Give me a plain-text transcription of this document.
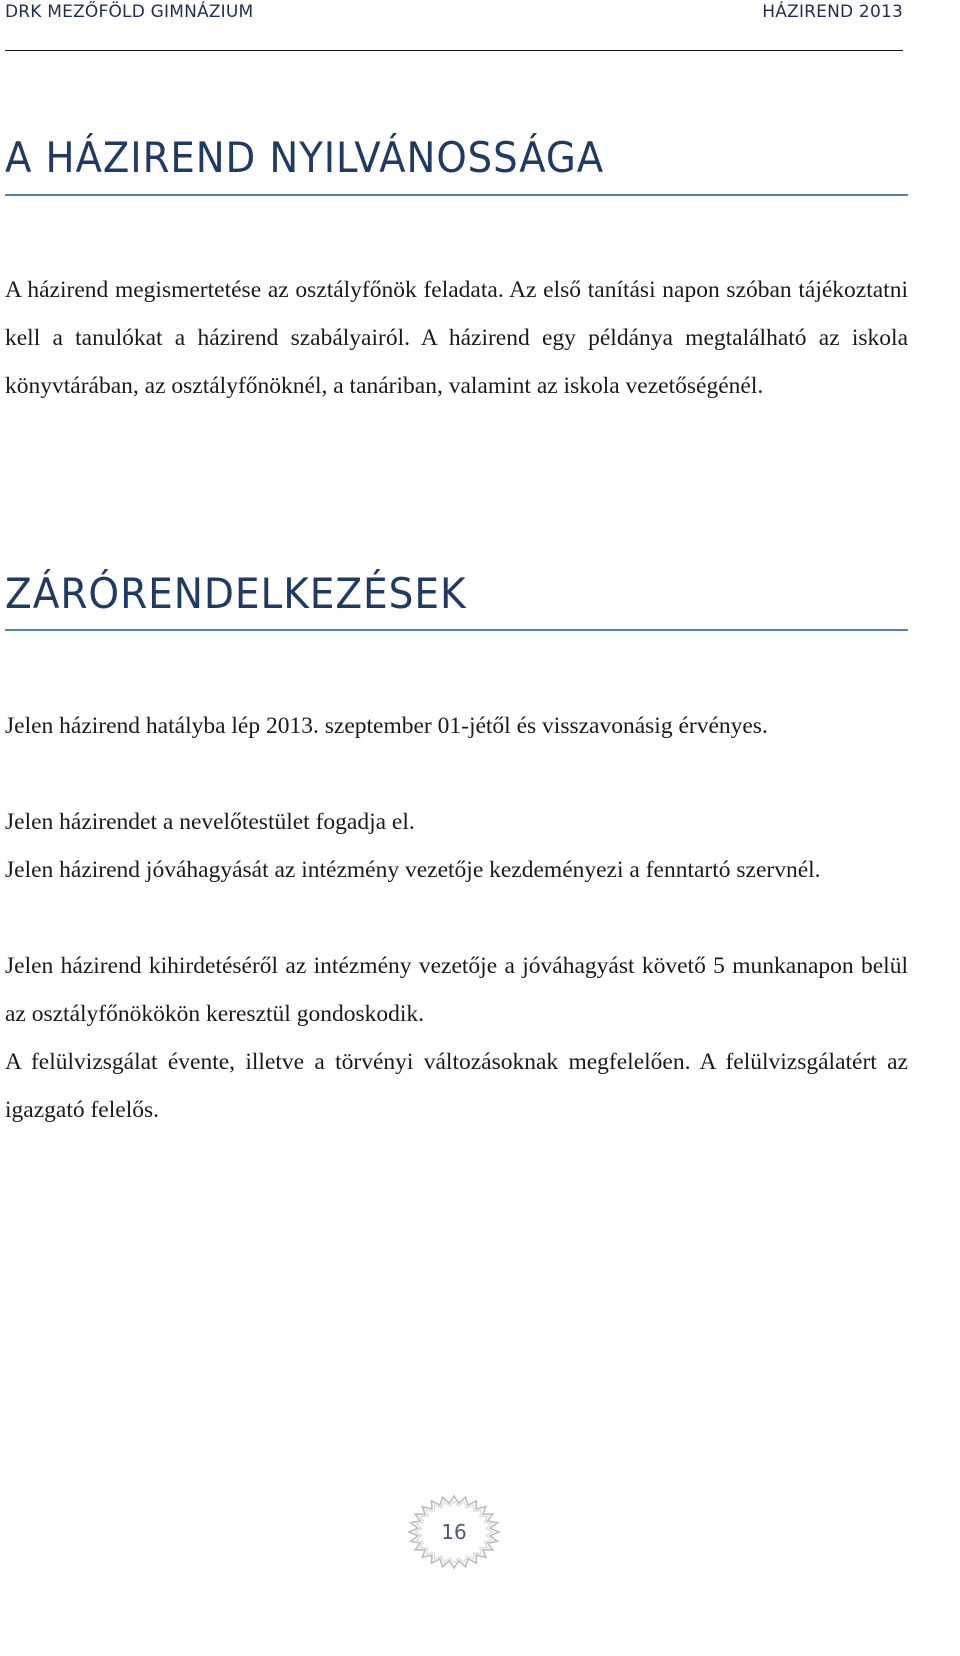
DRK MEZŐFÖLD GIMNÁZIUM	HÁZIREND 2013
A HÁZIREND NYILVÁNOSSÁGA

A házirend megismertetése az osztályfőnök feladata. Az első tanítási napon szóban tájékoztatni kell a tanulókat a házirend szabályairól. A házirend egy példánya megtalálható az iskola könyvtárában, az osztályfőnöknél, a tanáriban, valamint az iskola vezetőségénél.

ZÁRÓRENDELKEZÉSEK

Jelen házirend hatályba lép 2013. szeptember 01-jétől és visszavonásig érvényes.

Jelen házirendet a nevelőtestület fogadja el.

Jelen házirend jóváhagyását az intézmény vezetője kezdeményezi a fenntartó szervnél.

Jelen házirend kihirdetéséről az intézmény vezetője a jóváhagyást követő 5 munkanapon belül az osztályfőnökökön keresztül gondoskodik.

A felülvizsgálat évente, illetve a törvényi változásoknak megfelelően. A felülvizsgálatért az igazgató felelős.

16
